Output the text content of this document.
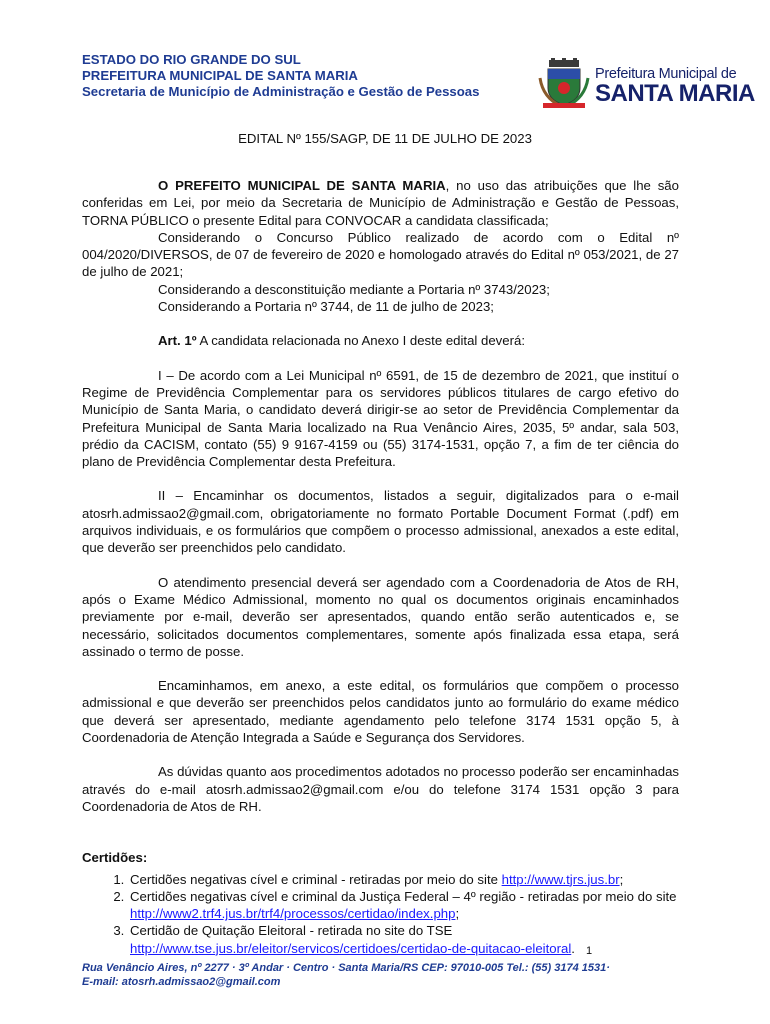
ESTADO DO RIO GRANDE DO SUL
PREFEITURA MUNICIPAL DE SANTA MARIA
Secretaria de Município de Administração e Gestão de Pessoas
Prefeitura Municipal de
SANTA MARIA
EDITAL Nº 155/SAGP, DE 11 DE JULHO DE 2023

O PREFEITO MUNICIPAL DE SANTA MARIA, no uso das atribuições que lhe são conferidas em Lei, por meio da Secretaria de Município de Administração e Gestão de Pessoas, TORNA PÚBLICO o presente Edital para CONVOCAR a candidata classificada;

Considerando o Concurso Público realizado de acordo com o Edital nº 004/2020/DIVERSOS, de 07 de fevereiro de 2020 e homologado através do Edital nº 053/2021, de 27 de julho de 2021;

Considerando a desconstituição mediante a Portaria nº 3743/2023;

Considerando a Portaria nº 3744, de 11 de julho de 2023;

Art. 1º A candidata relacionada no Anexo I deste edital deverá:

I – De acordo com a Lei Municipal nº 6591, de 15 de dezembro de 2021, que instituí o Regime de Previdência Complementar para os servidores públicos titulares de cargo efetivo do Município de Santa Maria, o candidato deverá dirigir-se ao setor de Previdência Complementar da Prefeitura Municipal de Santa Maria localizado na Rua Venâncio Aires, 2035, 5º andar, sala 503, prédio da CACISM, contato (55) 9 9167-4159 ou (55) 3174-1531, opção 7, a fim de ter ciência do plano de Previdência Complementar desta Prefeitura.

II – Encaminhar os documentos, listados a seguir, digitalizados para o e-mail atosrh.admissao2@gmail.com, obrigatoriamente no formato Portable Document Format (.pdf) em arquivos individuais, e os formulários que compõem o processo admissional, anexados a este edital, que deverão ser preenchidos pelo candidato.

O atendimento presencial deverá ser agendado com a Coordenadoria de Atos de RH, após o Exame Médico Admissional, momento no qual os documentos originais encaminhados previamente por e-mail, deverão ser apresentados, quando então serão autenticados e, se necessário, solicitados documentos complementares, somente após finalizada essa etapa, será assinado o termo de posse.

Encaminhamos, em anexo, a este edital, os formulários que compõem o processo admissional e que deverão ser preenchidos pelos candidatos junto ao formulário do exame médico que deverá ser apresentado, mediante agendamento pelo telefone 3174 1531 opção 5, à Coordenadoria de Atenção Integrada a Saúde e Segurança dos Servidores.

As dúvidas quanto aos procedimentos adotados no processo poderão ser encaminhadas através do e-mail atosrh.admissao2@gmail.com e/ou do telefone 3174 1531 opção 3 para Coordenadoria de Atos de RH.

Certidões:

1. Certidões negativas cível e criminal - retiradas por meio do site http://www.tjrs.jus.br;
2. Certidões negativas cível e criminal da Justiça Federal – 4º região - retiradas por meio do site http://www2.trf4.jus.br/trf4/processos/certidao/index.php;
3. Certidão de Quitação Eleitoral - retirada no site do TSE http://www.tse.jus.br/eleitor/servicos/certidoes/certidao-de-quitacao-eleitoral.	1
Rua Venâncio Aires, nº 2277 · 3º Andar · Centro · Santa Maria/RS CEP: 97010-005 Tel.: (55) 3174 1531·
E-mail: atosrh.admissao2@gmail.com
